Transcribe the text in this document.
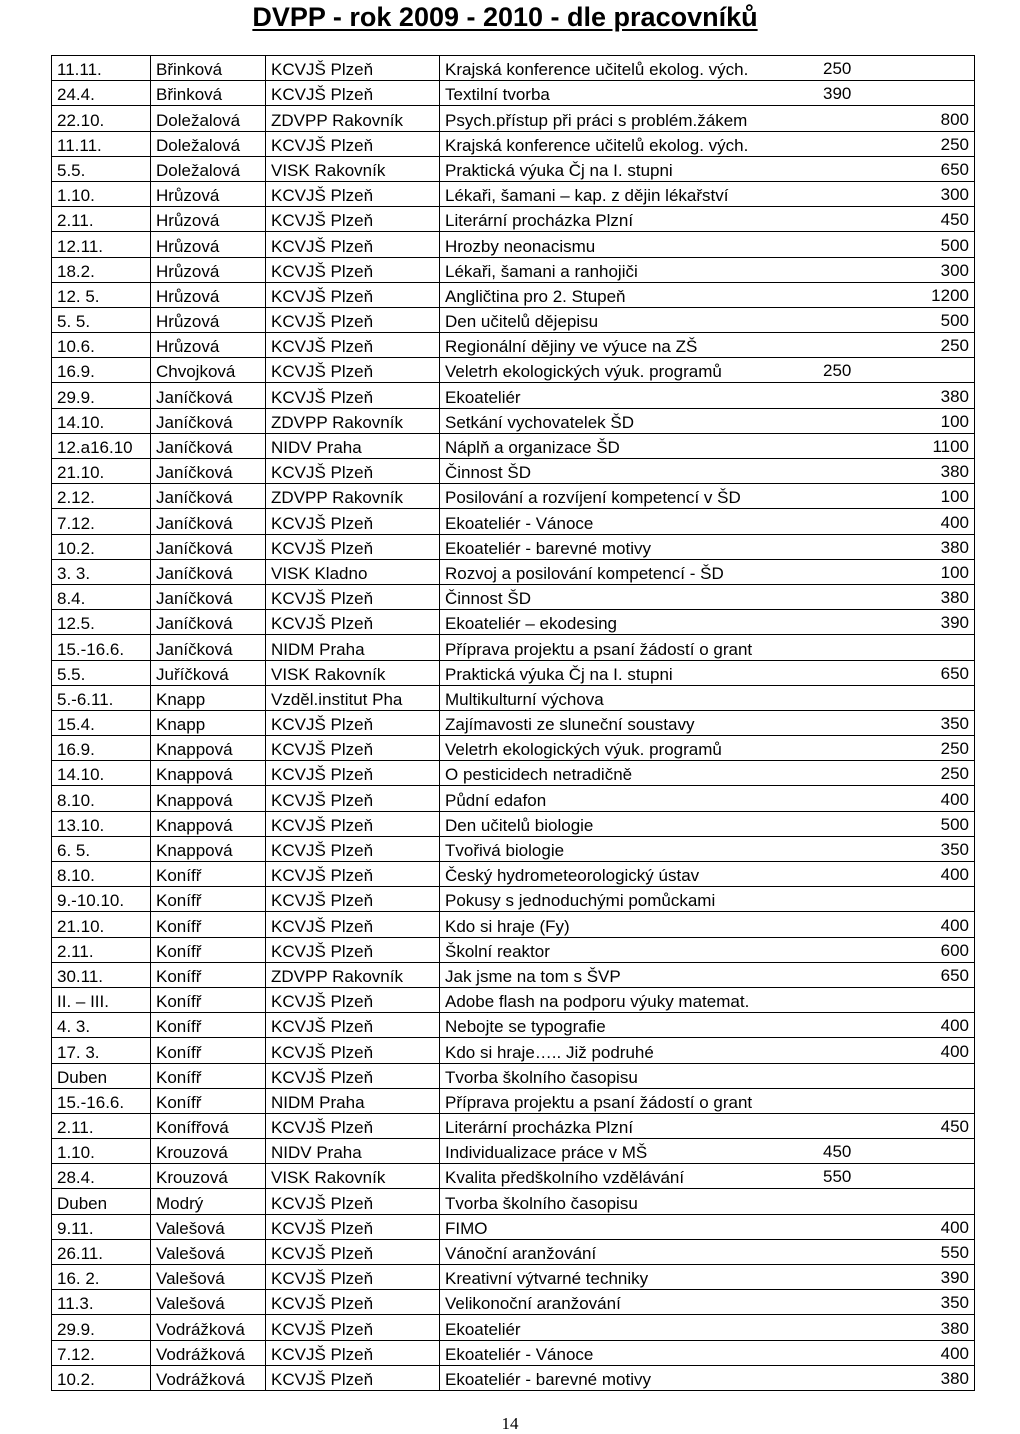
DVPP - rok 2009 - 2010 - dle pracovníků
11.11.	Břinková	KCVJŠ Plzeň	Krajská konference učitelů ekolog. vých. 250

24.4.	Břinková	KCVJŠ Plzeň	Textilní tvorba 390

22.10.	Doležalová	ZDVPP Rakovník	Psych.přístup při práci s problém.žákem 800

11.11.	Doležalová	KCVJŠ Plzeň	Krajská konference učitelů ekolog. vých. 250

5.5.	Doležalová	VISK Rakovník	Praktická výuka Čj na I. stupni 650

1.10.	Hrůzová	KCVJŠ Plzeň	Lékaři, šamani – kap. z dějin lékařství 300

2.11.	Hrůzová	KCVJŠ Plzeň	Literární procházka Plzní 450

12.11.	Hrůzová	KCVJŠ Plzeň	Hrozby neonacismu 500

18.2.	Hrůzová	KCVJŠ Plzeň	Lékaři, šamani a ranhojiči 300

12. 5.	Hrůzová	KCVJŠ Plzeň	Angličtina pro 2. Stupeň 1200

5. 5.	Hrůzová	KCVJŠ Plzeň	Den učitelů dějepisu 500

10.6.	Hrůzová	KCVJŠ Plzeň	Regionální dějiny ve výuce na ZŠ 250

16.9.	Chvojková	KCVJŠ Plzeň	Veletrh ekologických výuk. programů 250

29.9.	Janíčková	KCVJŠ Plzeň	Ekoateliér 380

14.10.	Janíčková	ZDVPP Rakovník	Setkání vychovatelek ŠD 100

12.a16.10	Janíčková	NIDV Praha	Náplň a organizace ŠD 1100

21.10.	Janíčková	KCVJŠ Plzeň	Činnost ŠD 380

2.12.	Janíčková	ZDVPP Rakovník	Posilování a rozvíjení kompetencí v ŠD 100

7.12.	Janíčková	KCVJŠ Plzeň	Ekoateliér - Vánoce 400

10.2.	Janíčková	KCVJŠ Plzeň	Ekoateliér - barevné motivy 380

3. 3.	Janíčková	VISK Kladno	Rozvoj a posilování kompetencí - ŠD 100

8.4.	Janíčková	KCVJŠ Plzeň	Činnost ŠD 380

12.5.	Janíčková	KCVJŠ Plzeň	Ekoateliér – ekodesing 390

15.-16.6.	Janíčková	NIDM Praha	Příprava projektu a psaní žádostí o grant
5.5.	Juříčková	VISK Rakovník	Praktická výuka Čj na I. stupni 650

5.-6.11.	Knapp	Vzděl.institut Pha	Multikulturní výchova
15.4.	Knapp	KCVJŠ Plzeň	Zajímavosti ze sluneční soustavy 350

16.9.	Knappová	KCVJŠ Plzeň	Veletrh ekologických výuk. programů 250

14.10.	Knappová	KCVJŠ Plzeň	O pesticidech netradičně 250

8.10.	Knappová	KCVJŠ Plzeň	Půdní edafon 400

13.10.	Knappová	KCVJŠ Plzeň	Den učitelů biologie 500

6. 5.	Knappová	KCVJŠ Plzeň	Tvořivá biologie 350

8.10.	Konífř	KCVJŠ Plzeň	Český hydrometeorologický ústav 400

9.-10.10.	Konífř	KCVJŠ Plzeň	Pokusy s jednoduchými pomůckami
21.10.	Konífř	KCVJŠ Plzeň	Kdo si hraje (Fy) 400

2.11.	Konífř	KCVJŠ Plzeň	Školní reaktor 600

30.11.	Konífř	ZDVPP Rakovník	Jak jsme na tom s ŠVP 650

II. – III.	Konífř	KCVJŠ Plzeň	Adobe flash na podporu výuky matemat.
4. 3.	Konífř	KCVJŠ Plzeň	Nebojte se typografie 400

17. 3.	Konífř	KCVJŠ Plzeň	Kdo si hraje….. Již podruhé 400

Duben	Konífř	KCVJŠ Plzeň	Tvorba školního časopisu
15.-16.6.	Konífř	NIDM Praha	Příprava projektu a psaní žádostí o grant
2.11.	Konífřová	KCVJŠ Plzeň	Literární procházka Plzní 450

1.10.	Krouzová	NIDV Praha	Individualizace práce v MŠ 450

28.4.	Krouzová	VISK Rakovník	Kvalita předškolního vzdělávání 550

Duben	Modrý	KCVJŠ Plzeň	Tvorba školního časopisu
9.11.	Valešová	KCVJŠ Plzeň	FIMO 400

26.11.	Valešová	KCVJŠ Plzeň	Vánoční aranžování 550

16. 2.	Valešová	KCVJŠ Plzeň	Kreativní výtvarné techniky 390

11.3.	Valešová	KCVJŠ Plzeň	Velikonoční aranžování 350

29.9.	Vodrážková	KCVJŠ Plzeň	Ekoateliér 380

7.12.	Vodrážková	KCVJŠ Plzeň	Ekoateliér - Vánoce 400

10.2.	Vodrážková	KCVJŠ Plzeň	Ekoateliér - barevné motivy 380
14
